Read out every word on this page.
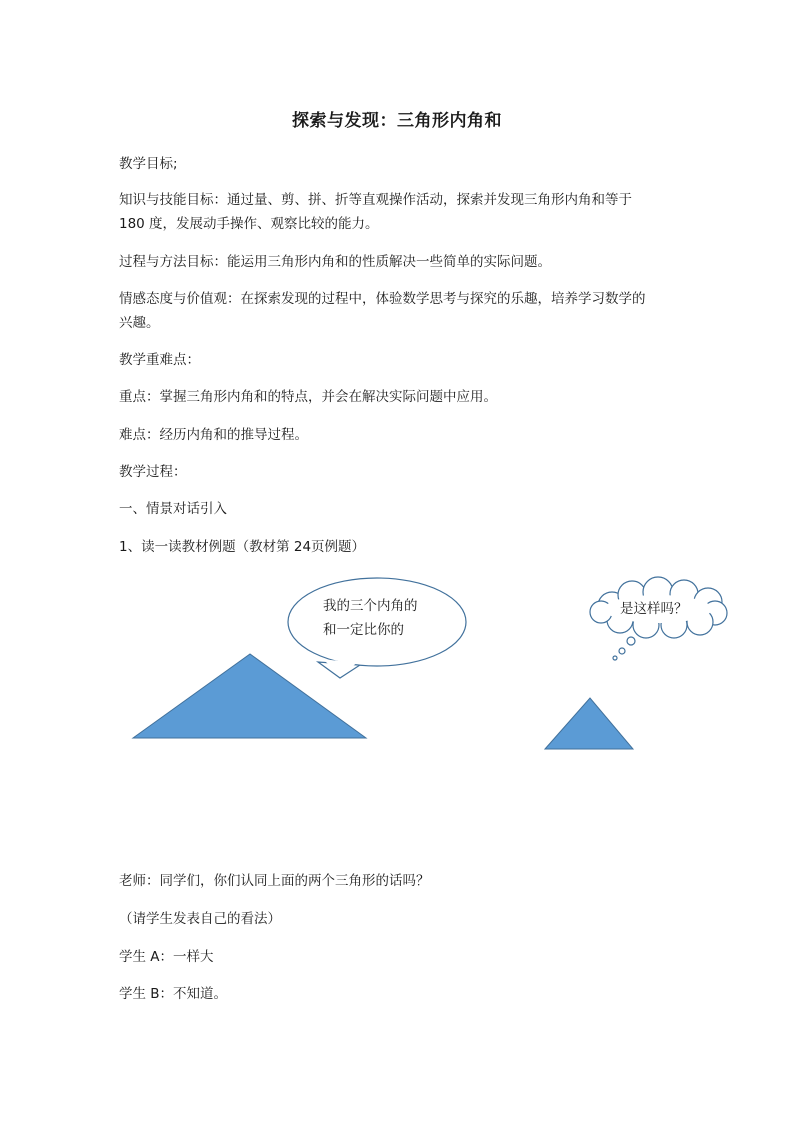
探索与发现：三角形内角和

教学目标;

知识与技能目标：通过量、剪、拼、折等直观操作活动，探索并发现三角形内角和等于

180 度，发展动手操作、观察比较的能力。

过程与方法目标：能运用三角形内角和的性质解决一些简单的实际问题。

情感态度与价值观：在探索发现的过程中，体验数学思考与探究的乐趣，培养学习数学的

兴趣。

教学重难点：

重点：掌握三角形内角和的特点，并会在解决实际问题中应用。

难点：经历内角和的推导过程。

教学过程：

一、情景对话引入

1、读一读教材例题（教材第 24页例题）

我的三个内角的

和一定比你的

是这样吗？

老师：同学们，你们认同上面的两个三角形的话吗？

（请学生发表自己的看法）

学生 A：一样大

学生 B：不知道。
